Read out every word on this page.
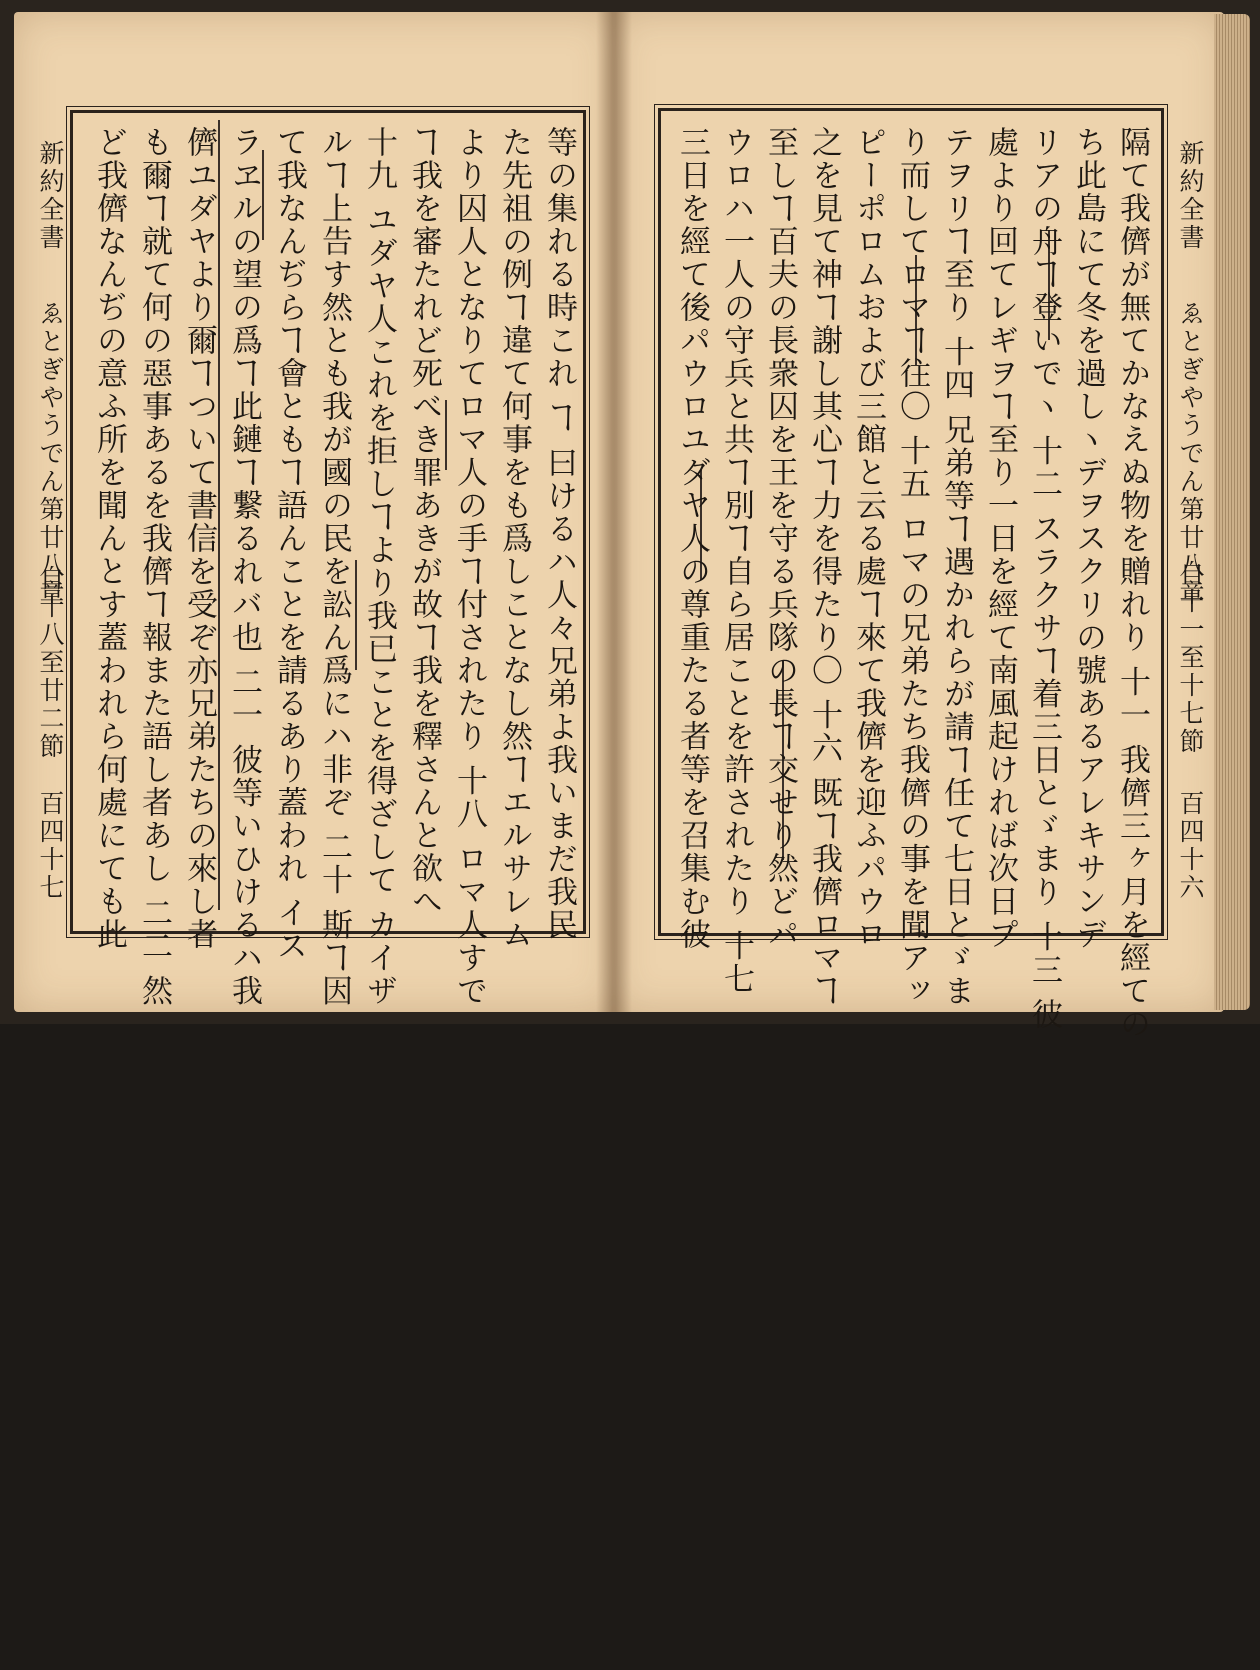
新約全書
ゑとぎやうでん第廿八章
自十八至廿二節
百四十七	等の集れる時これ ヿ 曰けるハ人々兄弟よ我いまだ我民
た先祖の例ヿ違て何事をも爲しことなし然ヿエルサレム
より囚人となりてロマ人の手ヿ付されたり 十八 ロマ人すで
ヿ我を審たれど死べき罪あきが故ヿ我を釋さんと欲へ
十九 ユダヤ人これを拒しヿより我已ことを得ざして カイザ
ルヿ上告す然とも我が國の民を訟ん爲にハ非ぞ 二十 斯ヿ因
て我なんぢらヿ會ともヿ語んことを請るあり蓋われ イス
ラヱルの望の爲ヿ此鏈ヿ繋るれバ也 二一 彼等いひけるハ我
儕ユダヤより爾ヿついて書信を受ぞ亦兄弟たちの來し者
も爾ヿ就て何の惡事あるを我儕ヿ報また語し者あし 二二 然
ど我儕なんぢの意ふ所を聞んとす蓋われら何處にても此	新約全書
ゑとぎやうでん第廿八章
自十一至十七節
百四十六
隔て我儕が無てかなえぬ物を贈れり 十一 我儕三ヶ月を經ての
ち此島にて冬を過しヽデヲスクリの號あるアレキサンデ
リアの舟ヿ登いでヽ 十二 スラクサヿ着三日とゞまり 十三 彼
處より回てレギヲヿ至り一日を經て南風起ければ次日プ
テヲリヿ至り 十四 兄弟等ヿ遇かれらが請ヿ任て七日とゞま
り而してロマヿ往〇 十五 ロマの兄弟たち我儕の事を聞アッ
ピーポロムおよび三館と云る處ヿ來て我儕を迎ふパウロ
之を見て神ヿ謝し其心ヿ力を得たり〇 十六 既ヿ我儕ロマヿ
至しヿ百夫の長衆囚を王を守る兵隊の長ヿ交せり然どパ
ウロハ一人の守兵と共ヿ別ヿ自ら居ことを許されたり 十七
三日を經て後パウロユダヤ人の尊重たる者等を召集む彼
